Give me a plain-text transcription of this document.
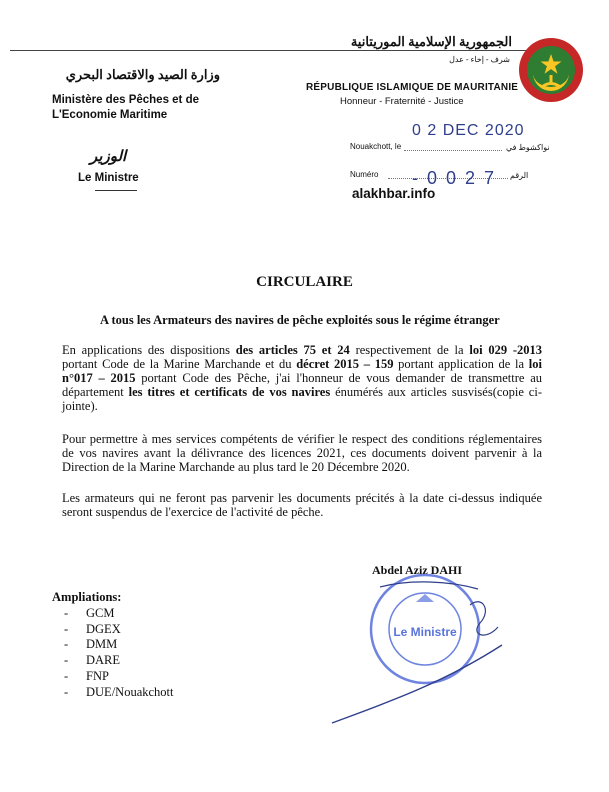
وزارة الصيد والاقتصاد البحري
Ministère des Pêches et de L'Economie Maritime
الوزير
Le Ministre
الجمهورية الإسلامية الموريتانية
شرف - إخاء - عدل
RÉPUBLIQUE ISLAMIQUE DE MAURITANIE
Honneur - Fraternité - Justice
Nouakchott, le	نواكشوط في
0 2 DEC 2020
Numéro	الرقم
- 0 0 2 7
alakhbar.info
CIRCULAIRE
A tous les Armateurs des navires de pêche exploités sous le régime étranger

En applications des dispositions des articles 75 et 24 respectivement de la loi 029 -2013 portant Code de la Marine Marchande et du décret 2015 – 159 portant application de la loi n°017 – 2015 portant Code des Pêche, j'ai l'honneur de vous demander de transmettre au département les titres et certificats de vos navires énumérés aux articles susvisés(copie ci-jointe).

Pour permettre à mes services compétents de vérifier le respect des conditions réglementaires de vos navires avant la délivrance des licences 2021, ces documents doivent parvenir à la Direction de la Marine Marchande au plus tard le 20 Décembre 2020.

Les armateurs qui ne feront pas parvenir les documents précités à la date ci-dessus indiquée seront suspendus de l'exercice de l'activité de pêche.

Abdel Aziz DAHI
Le Ministre
Ampliations:
- GCM
- DGEX
- DMM
- DARE
- FNP
- DUE/Nouakchott
